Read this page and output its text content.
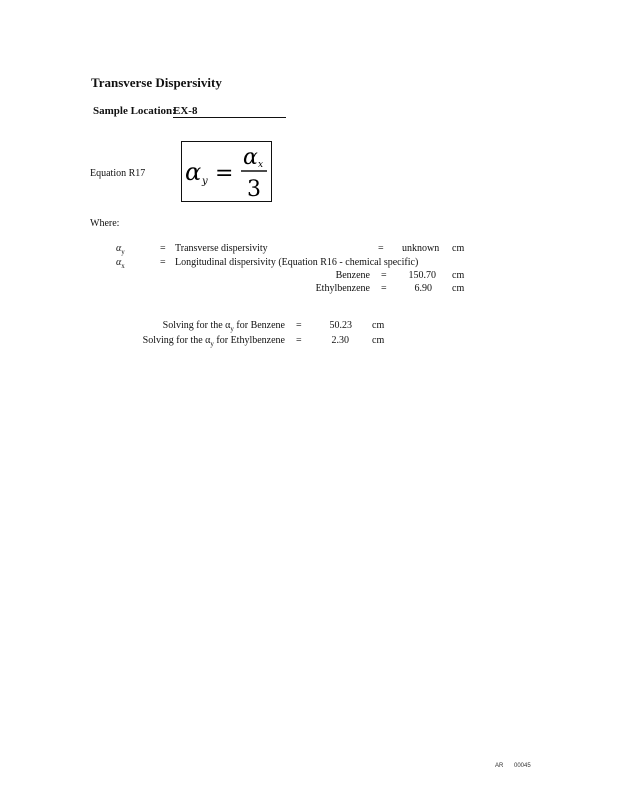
Transverse Dispersivity
Sample Location:
EX-8
Equation R17 α y =
α x
3
Where:
$\alpha_y$	= Transverse dispersivity	= unknown cm
$\alpha_x$	= Longitudinal dispersivity (Equation R16 - chemical specific)
Benzene =	150.70 cm
Ethylbenzene =	6.90 cm
Solving for the $\alpha_y$ for Benzene =	50.23 cm
Solving for the $\alpha_y$ for Ethylbenzene =	2.30 cm
AR 00045
